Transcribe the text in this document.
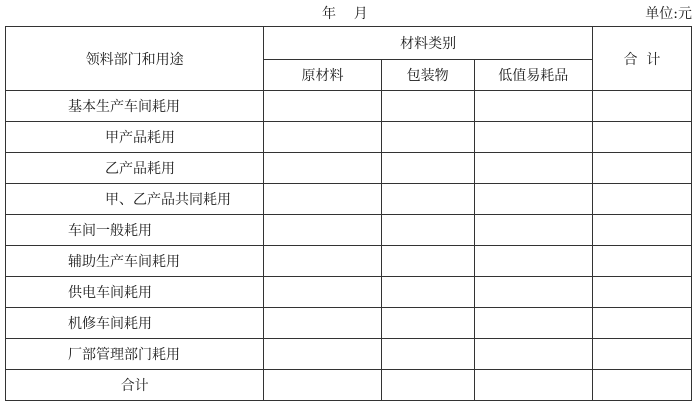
年    月	单位:元
领料部门和用途	材料类别			合  计
	原材料	包装物	低值易耗品	
基本生产车间耗用				
甲产品耗用				
乙产品耗用				
甲、乙产品共同耗用				
车间一般耗用				
辅助生产车间耗用				
供电车间耗用				
机修车间耗用				
厂部管理部门耗用				
合计				
